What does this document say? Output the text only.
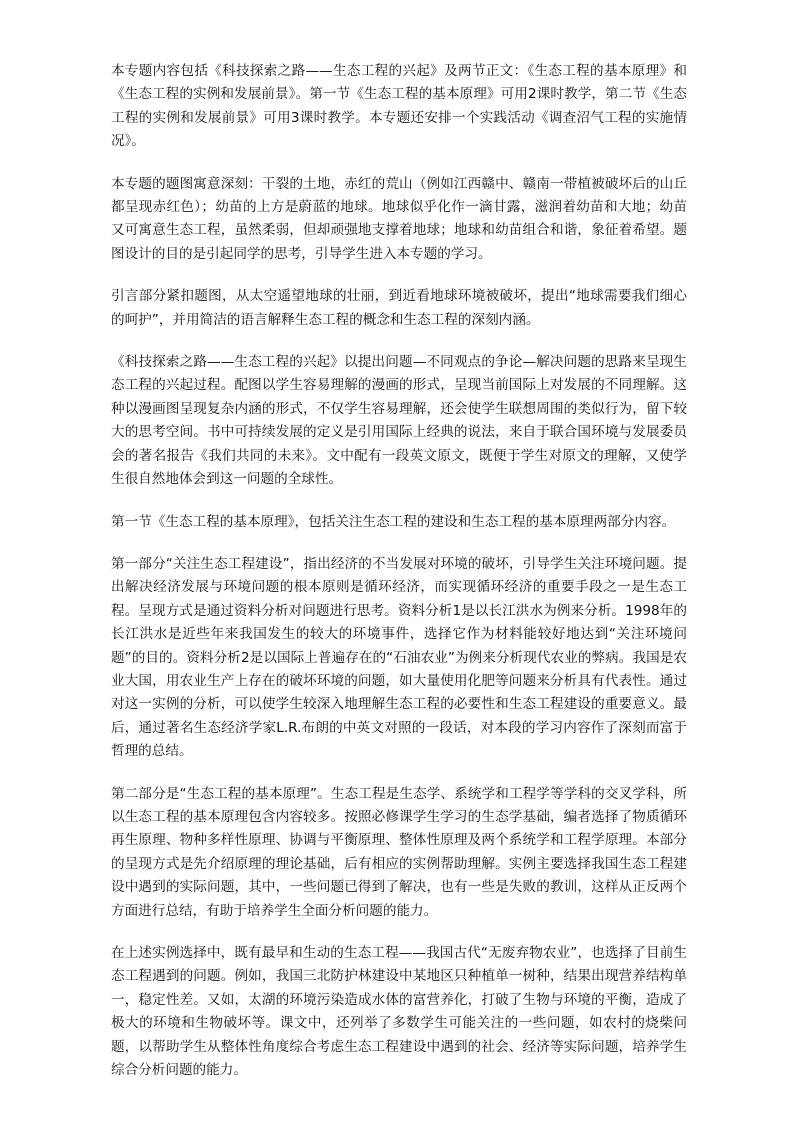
本专题内容包括《科技探索之路——生态工程的兴起》及两节正文：《生态工程的基本原理》和《生态工程的实例和发展前景》。第一节《生态工程的基本原理》可用2课时教学，第二节《生态工程的实例和发展前景》可用3课时教学。本专题还安排一个实践活动《调查沼气工程的实施情况》。

本专题的题图寓意深刻：干裂的土地，赤红的荒山（例如江西赣中、赣南一带植被破坏后的山丘都呈现赤红色）；幼苗的上方是蔚蓝的地球。地球似乎化作一滴甘露，滋润着幼苗和大地；幼苗又可寓意生态工程，虽然柔弱，但却顽强地支撑着地球；地球和幼苗组合和谐，象征着希望。题图设计的目的是引起同学的思考，引导学生进入本专题的学习。

引言部分紧扣题图，从太空遥望地球的壮丽，到近看地球环境被破坏，提出“地球需要我们细心的呵护”，并用简洁的语言解释生态工程的概念和生态工程的深刻内涵。

《科技探索之路——生态工程的兴起》以提出问题—不同观点的争论—解决问题的思路来呈现生态工程的兴起过程。配图以学生容易理解的漫画的形式，呈现当前国际上对发展的不同理解。这种以漫画图呈现复杂内涵的形式，不仅学生容易理解，还会使学生联想周围的类似行为，留下较大的思考空间。书中可持续发展的定义是引用国际上经典的说法，来自于联合国环境与发展委员会的著名报告《我们共同的未来》。文中配有一段英文原文，既便于学生对原文的理解，又使学生很自然地体会到这一问题的全球性。

第一节《生态工程的基本原理》，包括关注生态工程的建设和生态工程的基本原理两部分内容。

第一部分“关注生态工程建设”，指出经济的不当发展对环境的破坏，引导学生关注环境问题。提出解决经济发展与环境问题的根本原则是循环经济，而实现循环经济的重要手段之一是生态工程。呈现方式是通过资料分析对问题进行思考。资料分析1是以长江洪水为例来分析。1998年的长江洪水是近些年来我国发生的较大的环境事件，选择它作为材料能较好地达到“关注环境问题”的目的。资料分析2是以国际上普遍存在的“石油农业”为例来分析现代农业的弊病。我国是农业大国，用农业生产上存在的破坏环境的问题，如大量使用化肥等问题来分析具有代表性。通过对这一实例的分析，可以使学生较深入地理解生态工程的必要性和生态工程建设的重要意义。最后，通过著名生态经济学家L.R.布朗的中英文对照的一段话，对本段的学习内容作了深刻而富于哲理的总结。

第二部分是“生态工程的基本原理”。生态工程是生态学、系统学和工程学等学科的交叉学科，所以生态工程的基本原理包含内容较多。按照必修课学生学习的生态学基础，编者选择了物质循环再生原理、物种多样性原理、协调与平衡原理、整体性原理及两个系统学和工程学原理。本部分的呈现方式是先介绍原理的理论基础，后有相应的实例帮助理解。实例主要选择我国生态工程建设中遇到的实际问题，其中，一些问题已得到了解决，也有一些是失败的教训，这样从正反两个方面进行总结，有助于培养学生全面分析问题的能力。

在上述实例选择中，既有最早和生动的生态工程——我国古代“无废弃物农业”，也选择了目前生态工程遇到的问题。例如，我国三北防护林建设中某地区只种植单一树种，结果出现营养结构单一，稳定性差。又如，太湖的环境污染造成水体的富营养化，打破了生物与环境的平衡，造成了极大的环境和生物破坏等。课文中，还列举了多数学生可能关注的一些问题，如农村的烧柴问题，以帮助学生从整体性角度综合考虑生态工程建设中遇到的社会、经济等实际问题，培养学生综合分析问题的能力。
